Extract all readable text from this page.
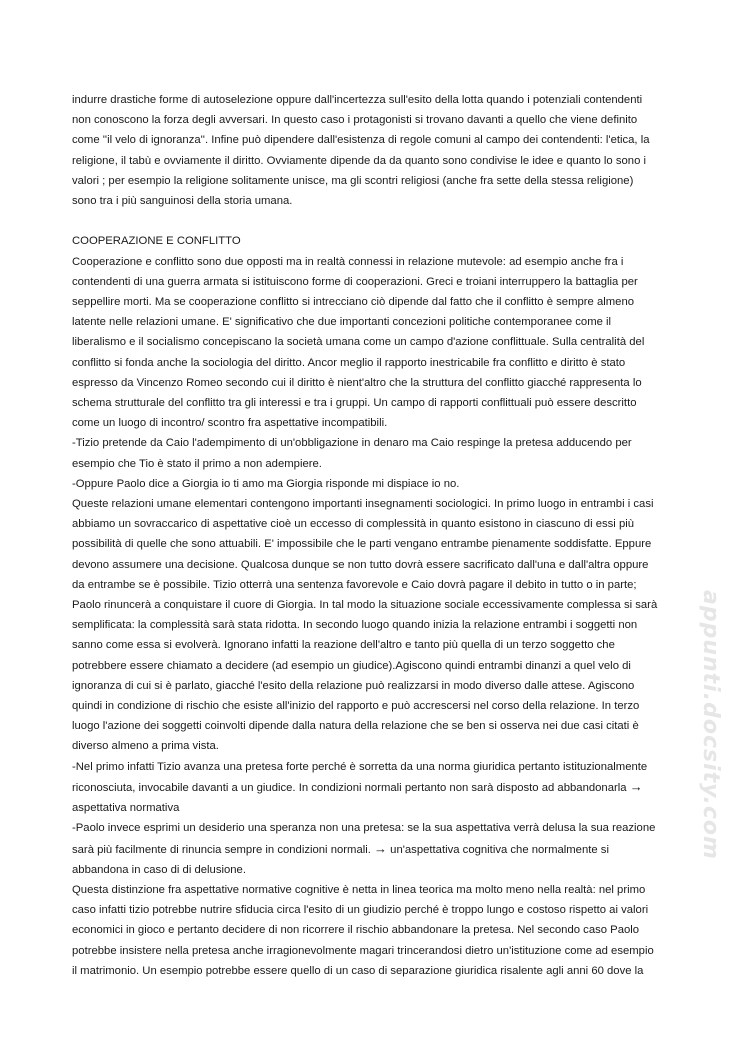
appunti.docsity.com
indurre drastiche forme di autoselezione oppure dall'incertezza sull'esito della lotta quando i potenziali contendenti
non conoscono la forza degli avversari. In questo caso i protagonisti si trovano davanti a quello che viene definito
come ''il velo di ignoranza''. Infine può dipendere dall'esistenza di regole comuni al campo dei contendenti: l'etica, la
religione, il tabù e ovviamente il diritto. Ovviamente dipende da da quanto sono condivise le idee e quanto lo sono i
valori ; per esempio la religione solitamente unisce, ma gli scontri religiosi (anche fra sette della stessa religione)
sono tra i più sanguinosi della storia umana.
COOPERAZIONE E CONFLITTO
Cooperazione e conflitto sono due opposti ma in realtà connessi in relazione mutevole: ad esempio anche fra i
contendenti di una guerra armata si istituiscono forme di cooperazioni. Greci e troiani interruppero la battaglia per
seppellire morti. Ma se cooperazione conflitto si intrecciano ciò dipende dal fatto che il conflitto è sempre almeno
latente nelle relazioni umane. E' significativo che due importanti concezioni politiche contemporanee come il
liberalismo e il socialismo concepiscano la società umana come un campo d'azione conflittuale. Sulla centralità del
conflitto si fonda anche la sociologia del diritto. Ancor meglio il rapporto inestricabile fra conflitto e diritto è stato
espresso da Vincenzo Romeo secondo cui il diritto è nient'altro che la struttura del conflitto giacché rappresenta lo
schema strutturale del conflitto tra gli interessi e tra i gruppi. Un campo di rapporti conflittuali può essere descritto
come un luogo di incontro/ scontro fra aspettative incompatibili.
-Tizio pretende da Caio l'adempimento di un'obbligazione in denaro ma Caio respinge la pretesa adducendo per
esempio che Tio è stato il primo a non adempiere.
-Oppure Paolo dice a Giorgia io ti amo ma Giorgia risponde mi dispiace io no.
Queste relazioni umane elementari contengono importanti insegnamenti sociologici. In primo luogo in entrambi i casi
abbiamo un sovraccarico di aspettative cioè un eccesso di complessità in quanto esistono in ciascuno di essi più
possibilità di quelle che sono attuabili. E' impossibile che le parti vengano entrambe pienamente soddisfatte. Eppure
devono assumere una decisione. Qualcosa dunque se non tutto dovrà essere sacrificato dall'una e dall'altra oppure
da entrambe se è possibile. Tizio otterrà una sentenza favorevole e Caio dovrà pagare il debito in tutto o in parte;
Paolo rinuncerà a conquistare il cuore di Giorgia. In tal modo la situazione sociale eccessivamente complessa si sarà
semplificata: la complessità sarà stata ridotta. In secondo luogo quando inizia la relazione entrambi i soggetti non
sanno come essa si evolverà. Ignorano infatti la reazione dell'altro e tanto più quella di un terzo soggetto che
potrebbere essere chiamato a decidere (ad esempio un giudice).Agiscono quindi entrambi dinanzi a quel velo di
ignoranza di cui si è parlato, giacché l'esito della relazione può realizzarsi in modo diverso dalle attese. Agiscono
quindi in condizione di rischio che esiste all'inizio del rapporto e può accrescersi nel corso della relazione. In terzo
luogo l'azione dei soggetti coinvolti dipende dalla natura della relazione che se ben si osserva nei due casi citati è
diverso almeno a prima vista.
-Nel primo infatti Tizio avanza una pretesa forte perché è sorretta da una norma giuridica pertanto istituzionalmente
riconosciuta, invocabile davanti a un giudice. In condizioni normali pertanto non sarà disposto ad abbandonarla →
aspettativa normativa
-Paolo invece esprimi un desiderio una speranza non una pretesa: se la sua aspettativa verrà delusa la sua reazione
sarà più facilmente di rinuncia sempre in condizioni normali. → un'aspettativa cognitiva che normalmente si
abbandona in caso di di delusione.
Questa distinzione fra aspettative normative cognitive è netta in linea teorica ma molto meno nella realtà: nel primo
caso infatti tizio potrebbe nutrire sfiducia circa l'esito di un giudizio perché è troppo lungo e costoso rispetto ai valori
economici in gioco e pertanto decidere di non ricorrere il rischio abbandonare la pretesa. Nel secondo caso Paolo
potrebbe insistere nella pretesa anche irragionevolmente magari trincerandosi dietro un'istituzione come ad esempio
il matrimonio. Un esempio potrebbe essere quello di un caso di separazione giuridica risalente agli anni 60 dove la
